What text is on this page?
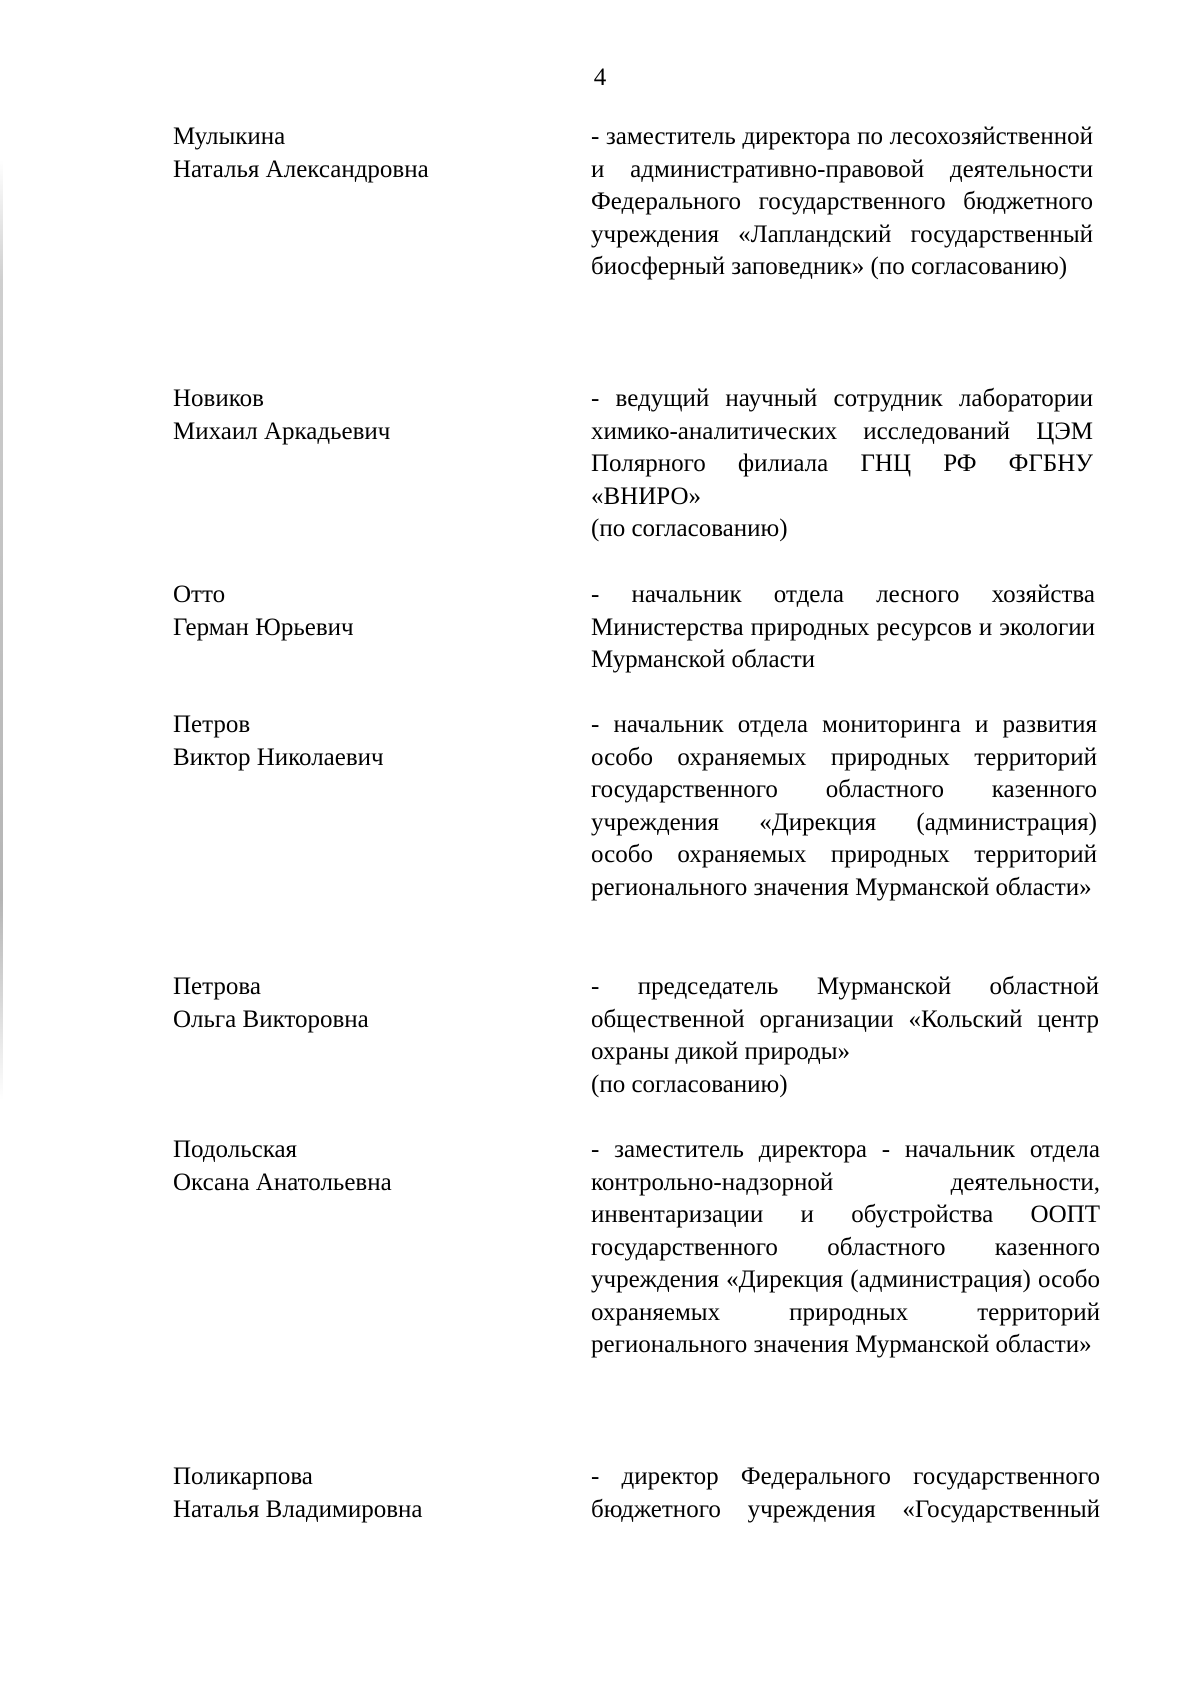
4
Мулыкина
Наталья Александровна
- заместитель директора по лесохозяйственной и административно-правовой деятельности Федерального государственного бюджетного учреждения «Лапландский государственный биосферный заповедник» (по согласованию)
Новиков
Михаил Аркадьевич
- ведущий научный сотрудник лаборатории химико-аналитических исследований ЦЭМ Полярного филиала ГНЦ РФ ФГБНУ «ВНИРО»
(по согласованию)
Отто
Герман Юрьевич
- начальник отдела лесного хозяйства Министерства природных ресурсов и экологии Мурманской области
Петров
Виктор Николаевич
- начальник отдела мониторинга и развития особо охраняемых природных территорий государственного областного казенного учреждения «Дирекция (администрация) особо охраняемых природных территорий регионального значения Мурманской области»
Петрова
Ольга Викторовна
- председатель Мурманской областной общественной организации «Кольский центр охраны дикой природы»
(по согласованию)
Подольская
Оксана Анатольевна
- заместитель директора - начальник отдела контрольно-надзорной деятельности, инвентаризации и обустройства ООПТ государственного областного казенного учреждения «Дирекция (администрация) особо охраняемых природных территорий регионального значения Мурманской области»
Поликарпова
Наталья Владимировна
- директор Федерального государственного бюджетного учреждения «Государственный
